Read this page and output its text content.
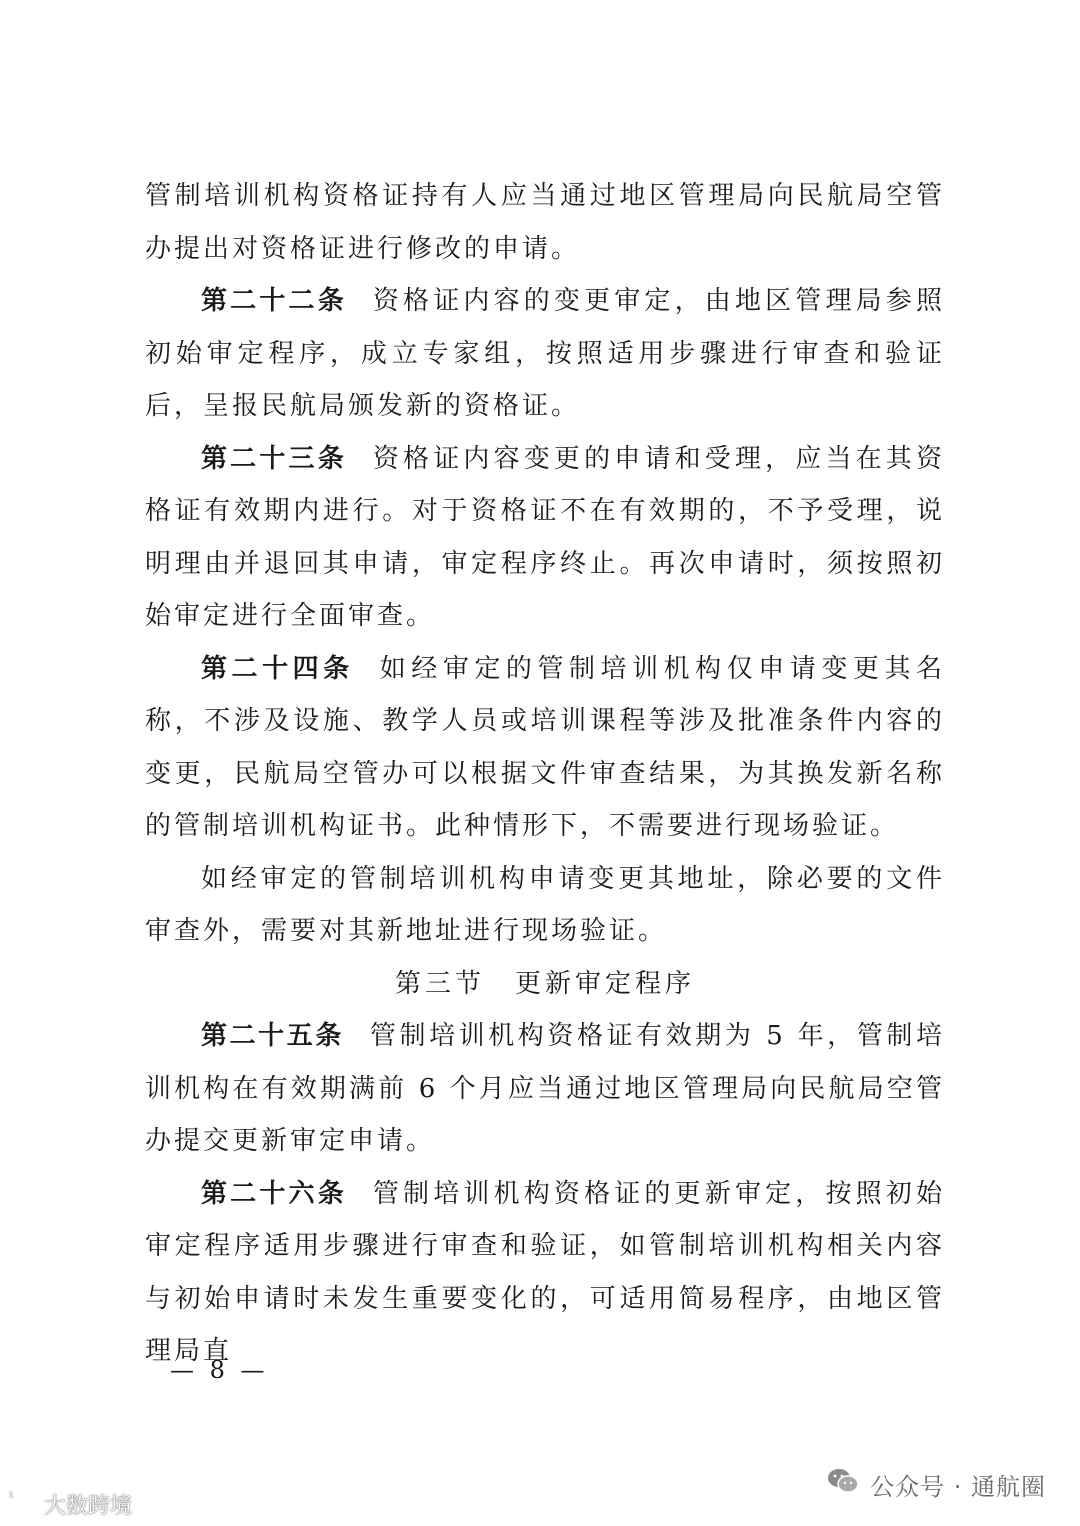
管制培训机构资格证持有人应当通过地区管理局向民航局空管办提出对资格证进行修改的申请。

第二十二条 资格证内容的变更审定，由地区管理局参照初始审定程序，成立专家组，按照适用步骤进行审查和验证后，呈报民航局颁发新的资格证。

第二十三条 资格证内容变更的申请和受理，应当在其资格证有效期内进行。对于资格证不在有效期的，不予受理，说明理由并退回其申请，审定程序终止。再次申请时，须按照初始审定进行全面审查。

第二十四条 如经审定的管制培训机构仅申请变更其名称，不涉及设施、教学人员或培训课程等涉及批准条件内容的变更，民航局空管办可以根据文件审查结果，为其换发新名称的管制培训机构证书。此种情形下，不需要进行现场验证。

如经审定的管制培训机构申请变更其地址，除必要的文件审查外，需要对其新地址进行现场验证。

第三节 更新审定程序

第二十五条 管制培训机构资格证有效期为 5 年，管制培训机构在有效期满前 6 个月应当通过地区管理局向民航局空管办提交更新审定申请。

第二十六条 管制培训机构资格证的更新审定，按照初始审定程序适用步骤进行审查和验证，如管制培训机构相关内容与初始申请时未发生重要变化的，可适用简易程序，由地区管理局直

— 8 —
1 大数跨境
公众号 · 通航圈
